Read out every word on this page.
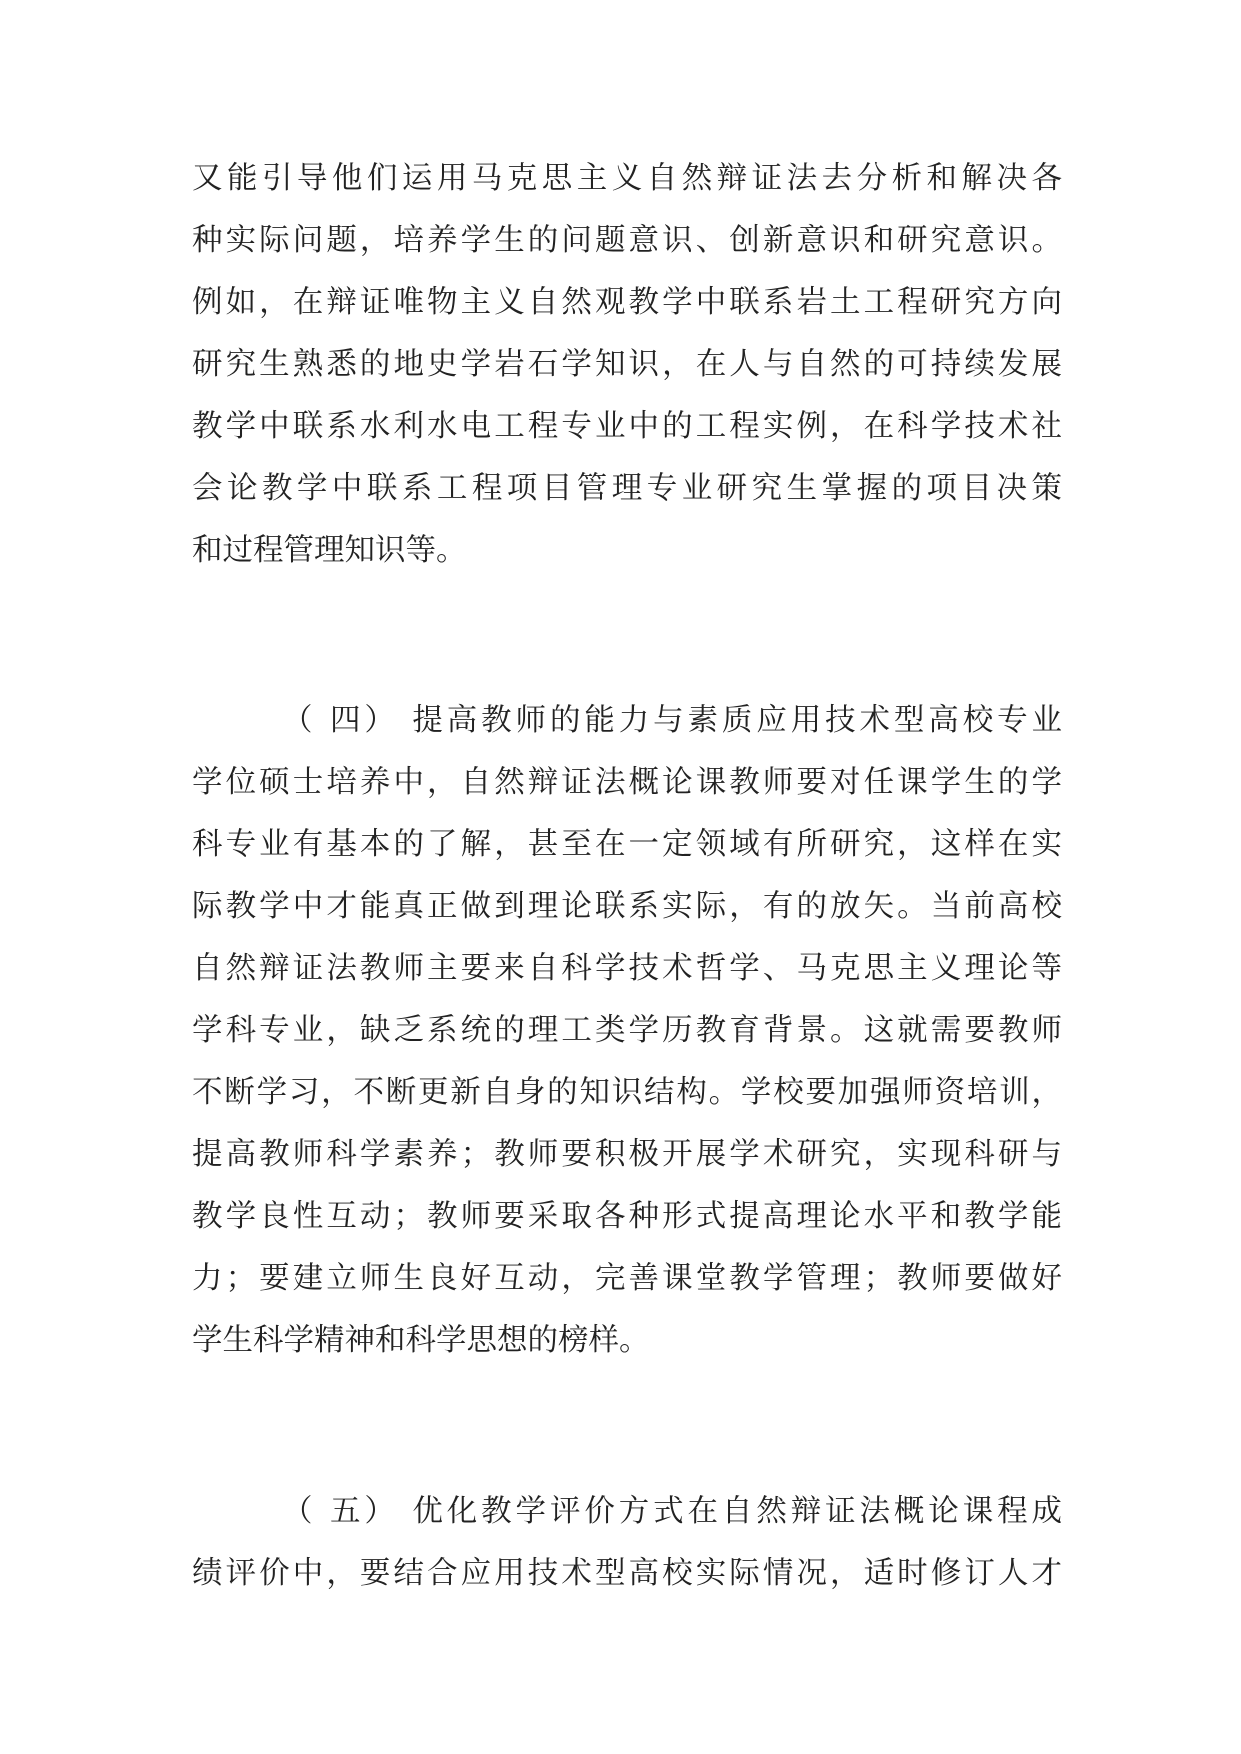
又能引导他们运用马克思主义自然辩证法去分析和解决各
种实际问题，培养学生的问题意识、创新意识和研究意识。
例如，在辩证唯物主义自然观教学中联系岩土工程研究方向
研究生熟悉的地史学岩石学知识，在人与自然的可持续发展
教学中联系水利水电工程专业中的工程实例，在科学技术社
会论教学中联系工程项目管理专业研究生掌握的项目决策
和过程管理知识等。
（ 四） 提高教师的能力与素质应用技术型高校专业
学位硕士培养中，自然辩证法概论课教师要对任课学生的学
科专业有基本的了解，甚至在一定领域有所研究，这样在实
际教学中才能真正做到理论联系实际，有的放矢。当前高校
自然辩证法教师主要来自科学技术哲学、马克思主义理论等
学科专业，缺乏系统的理工类学历教育背景。这就需要教师
不断学习，不断更新自身的知识结构。学校要加强师资培训，
提高教师科学素养；教师要积极开展学术研究，实现科研与
教学良性互动；教师要采取各种形式提高理论水平和教学能
力；要建立师生良好互动，完善课堂教学管理；教师要做好
学生科学精神和科学思想的榜样。
（ 五） 优化教学评价方式在自然辩证法概论课程成
绩评价中，要结合应用技术型高校实际情况，适时修订人才
